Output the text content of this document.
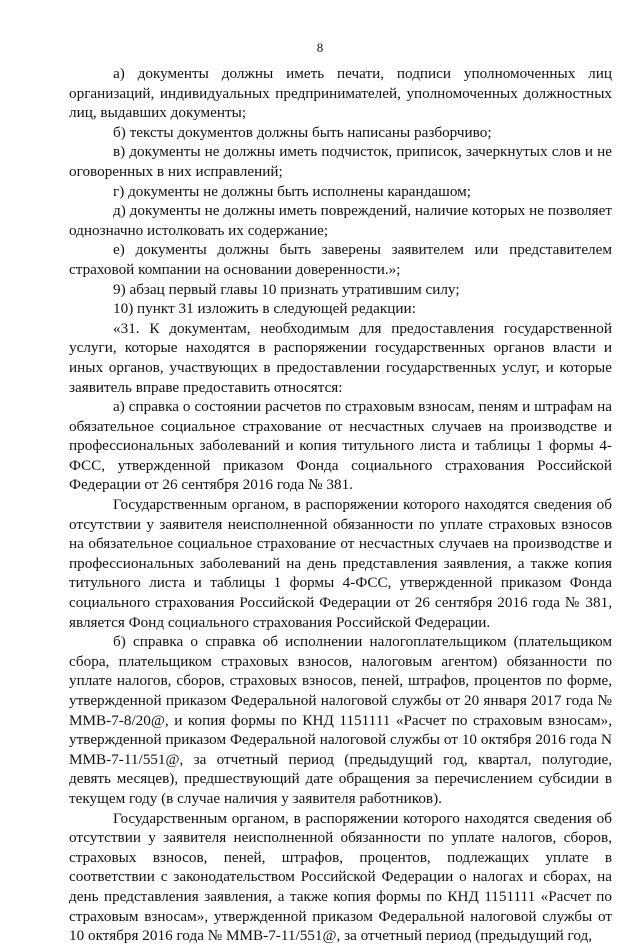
8

а) документы должны иметь печати, подписи уполномоченных лиц организаций, индивидуальных предпринимателей, уполномоченных должностных лиц, выдавших документы;

б) тексты документов должны быть написаны разборчиво;

в) документы не должны иметь подчисток, приписок, зачеркнутых слов и не оговоренных в них исправлений;

г) документы не должны быть исполнены карандашом;

д) документы не должны иметь повреждений, наличие которых не позволяет однозначно истолковать их содержание;

е) документы должны быть заверены заявителем или представителем страховой компании на основании доверенности.»;

9) абзац первый главы 10 признать утратившим силу;

10) пункт 31 изложить в следующей редакции:

«31. К документам, необходимым для предоставления государственной услуги, которые находятся в распоряжении государственных органов власти и иных органов, участвующих в предоставлении государственных услуг, и которые заявитель вправе предоставить относятся:

а) справка о состоянии расчетов по страховым взносам, пеням и штрафам на обязательное социальное страхование от несчастных случаев на производстве и профессиональных заболеваний и копия титульного листа и таблицы 1 формы 4-ФСС, утвержденной приказом Фонда социального страхования Российской Федерации от 26 сентября 2016 года № 381.

Государственным органом, в распоряжении которого находятся сведения об отсутствии у заявителя неисполненной обязанности по уплате страховых взносов на обязательное социальное страхование от несчастных случаев на производстве и профессиональных заболеваний на день представления заявления, а также копия титульного листа и таблицы 1 формы 4-ФСС, утвержденной приказом Фонда социального страхования Российской Федерации от 26 сентября 2016 года № 381, является Фонд социального страхования Российской Федерации.

б) справка о справка об исполнении налогоплательщиком (плательщиком сбора, плательщиком страховых взносов, налоговым агентом) обязанности по уплате налогов, сборов, страховых взносов, пеней, штрафов, процентов по форме, утвержденной приказом Федеральной налоговой службы от 20 января 2017 года № ММВ-7-8/20@, и копия формы по КНД 1151111 «Расчет по страховым взносам», утвержденной приказом Федеральной налоговой службы от 10 октября 2016 года N ММВ-7-11/551@, за отчетный период (предыдущий год, квартал, полугодие, девять месяцев), предшествующий дате обращения за перечислением субсидии в текущем году (в случае наличия у заявителя работников).

Государственным органом, в распоряжении которого находятся сведения об отсутствии у заявителя неисполненной обязанности по уплате налогов, сборов, страховых взносов, пеней, штрафов, процентов, подлежащих уплате в соответствии с законодательством Российской Федерации о налогах и сборах, на день представления заявления, а также копия формы по КНД 1151111 «Расчет по страховым взносам», утвержденной приказом Федеральной налоговой службы от 10 октября 2016 года № ММВ-7-11/551@, за отчетный период (предыдущий год,
